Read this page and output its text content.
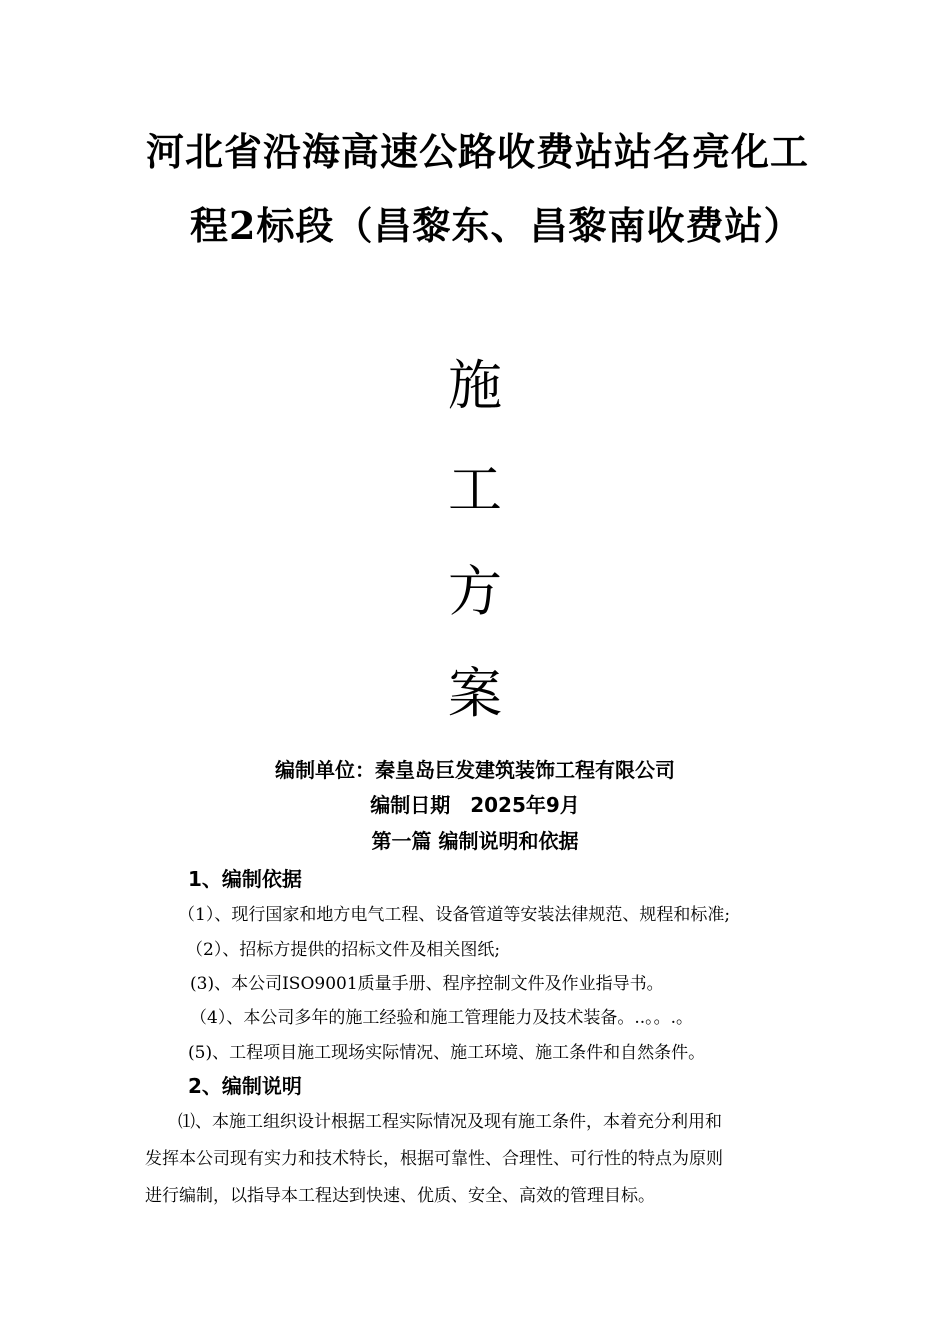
河北省沿海高速公路收费站站名亮化工
程2标段（昌黎东、昌黎南收费站）
施
工
方
案
编制单位：秦皇岛巨发建筑装饰工程有限公司
编制日期　2025年9月
第一篇 编制说明和依据
1、编制依据
（1）、现行国家和地方电气工程、设备管道等安装法律规范、规程和标准;
（2）、招标方提供的招标文件及相关图纸;
(3)、本公司ISO9001质量手册、程序控制文件及作业指导书。
（4）、本公司多年的施工经验和施工管理能力及技术装备。..。。.。
(5)、工程项目施工现场实际情况、施工环境、施工条件和自然条件。
2、编制说明
⑴、本施工组织设计根据工程实际情况及现有施工条件，本着充分利用和
发挥本公司现有实力和技术特长，根据可靠性、合理性、可行性的特点为原则
进行编制，以指导本工程达到快速、优质、安全、高效的管理目标。
